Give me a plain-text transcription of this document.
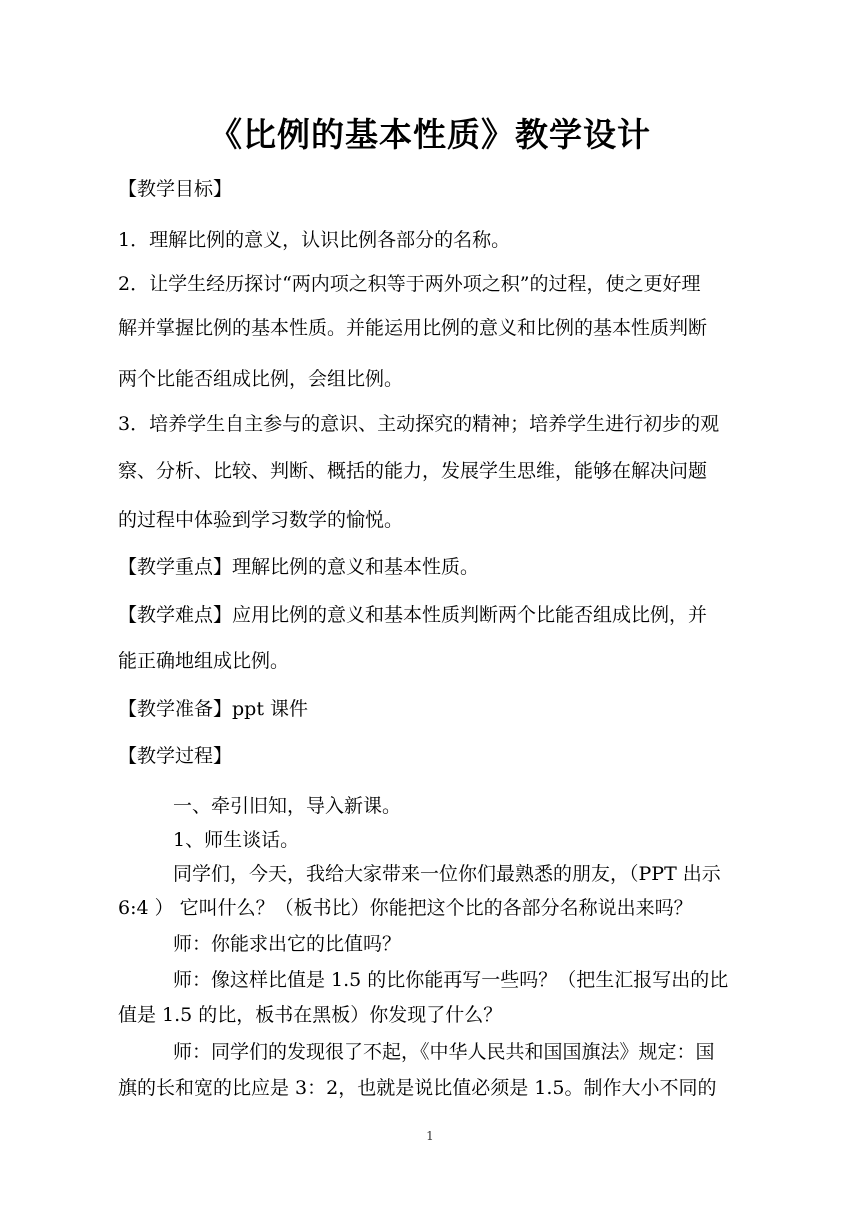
《比例的基本性质》教学设计
【教学目标】
1．理解比例的意义，认识比例各部分的名称。
2．让学生经历探讨“两内项之积等于两外项之积”的过程，使之更好理
解并掌握比例的基本性质。并能运用比例的意义和比例的基本性质判断
两个比能否组成比例，会组比例。
3．培养学生自主参与的意识、主动探究的精神；培养学生进行初步的观
察、分析、比较、判断、概括的能力，发展学生思维，能够在解决问题
的过程中体验到学习数学的愉悦。
【教学重点】理解比例的意义和基本性质。
【教学难点】应用比例的意义和基本性质判断两个比能否组成比例，并
能正确地组成比例。
【教学准备】ppt 课件
【教学过程】
一、牵引旧知，导入新课。
1、师生谈话。
同学们，今天，我给大家带来一位你们最熟悉的朋友，（PPT 出示
6:4 ） 它叫什么？（板书比）你能把这个比的各部分名称说出来吗？
师：你能求出它的比值吗？
师：像这样比值是 1.5 的比你能再写一些吗？（把生汇报写出的比
值是 1.5 的比，板书在黑板）你发现了什么？
师：同学们的发现很了不起，《中华人民共和国国旗法》规定：国
旗的长和宽的比应是 3：2，也就是说比值必须是 1.5。制作大小不同的
1
